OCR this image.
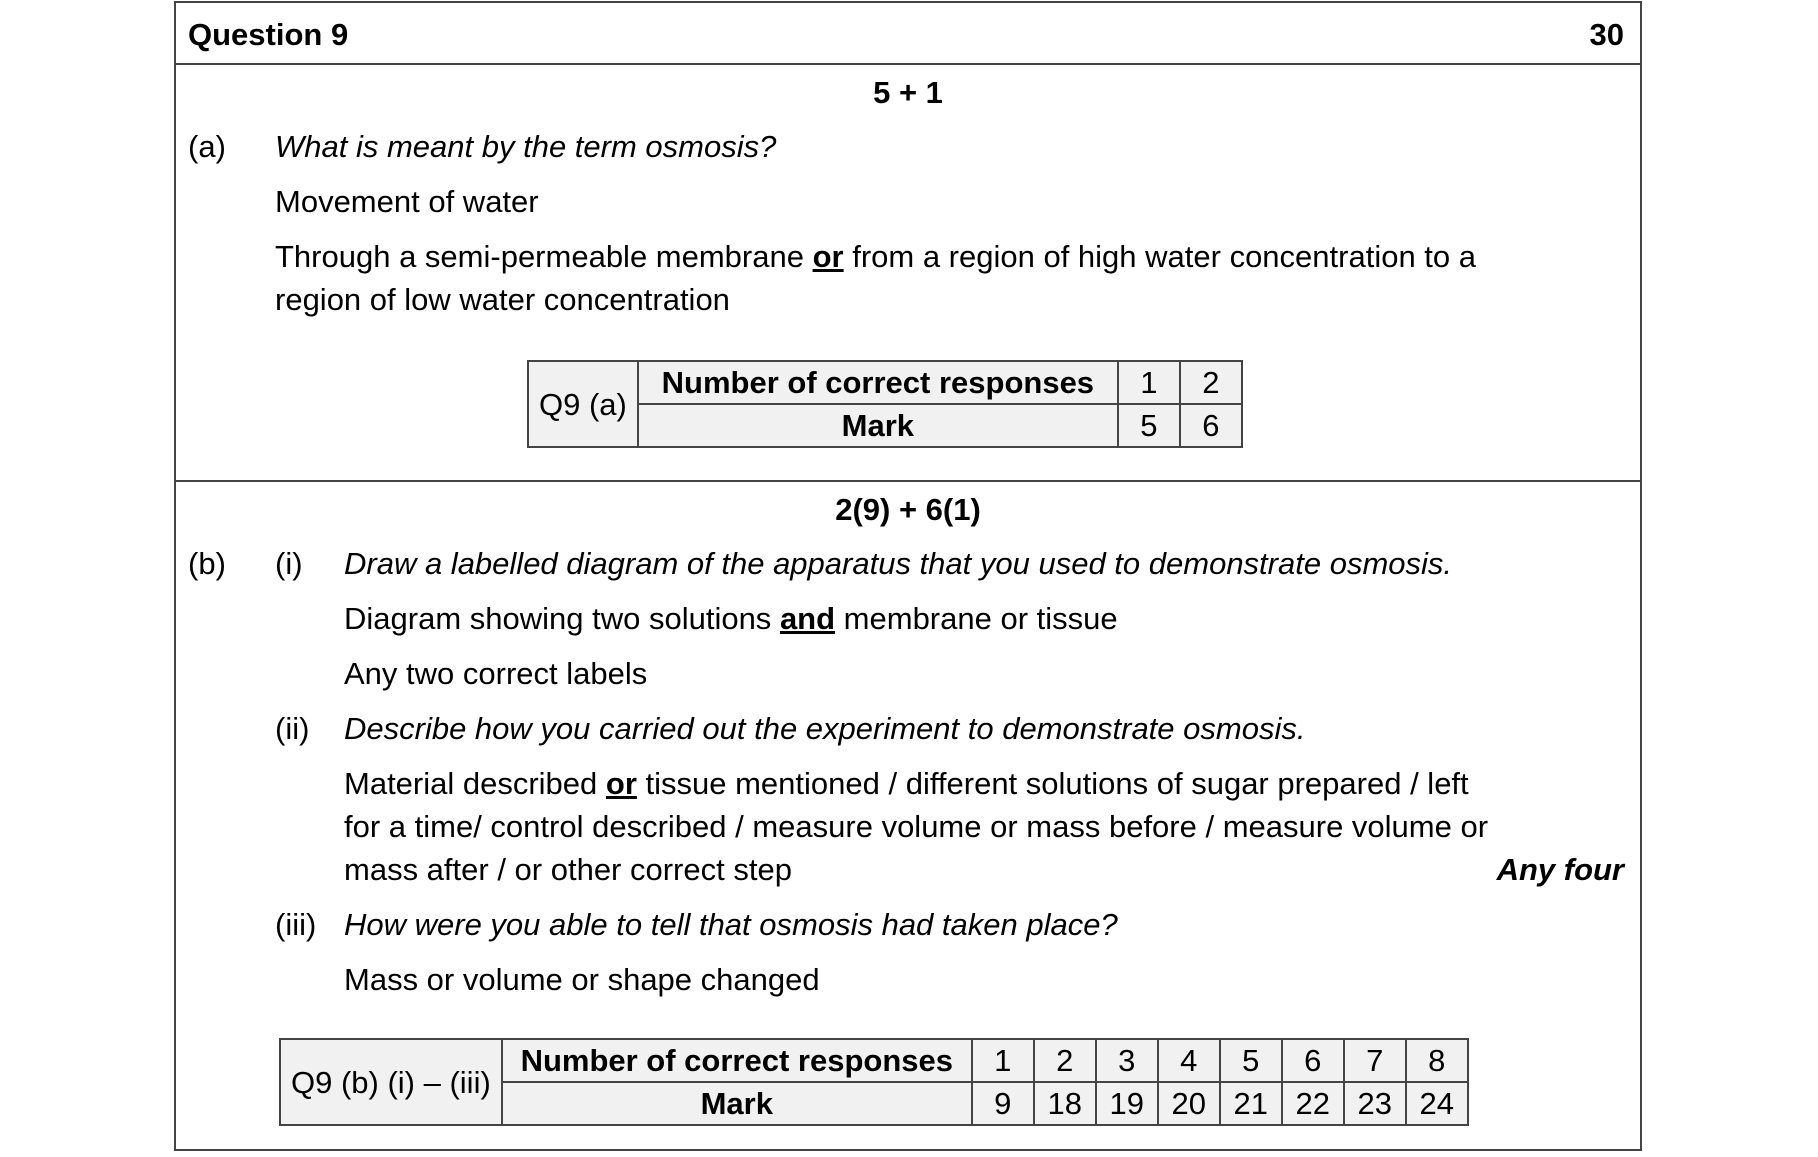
Question 9	30
5 + 1
(a) What is meant by the term osmosis?
Movement of water
Through a semi-permeable membrane or from a region of high water concentration to a
region of low water concentration
Q9 (a)	Number of correct responses	1	2
	Mark	5	6
2(9) + 6(1)
(b) (i) Draw a labelled diagram of the apparatus that you used to demonstrate osmosis.
Diagram showing two solutions and membrane or tissue
Any two correct labels
(ii) Describe how you carried out the experiment to demonstrate osmosis.
Material described or tissue mentioned / different solutions of sugar prepared / left
for a time/ control described / measure volume or mass before / measure volume or
mass after / or other correct step	Any four
(iii) How were you able to tell that osmosis had taken place?
Mass or volume or shape changed
Q9 (b) (i) – (iii)	Number of correct responses	1	2	3	4	5	6	7	8
	Mark	9	18	19	20	21	22	23	24
